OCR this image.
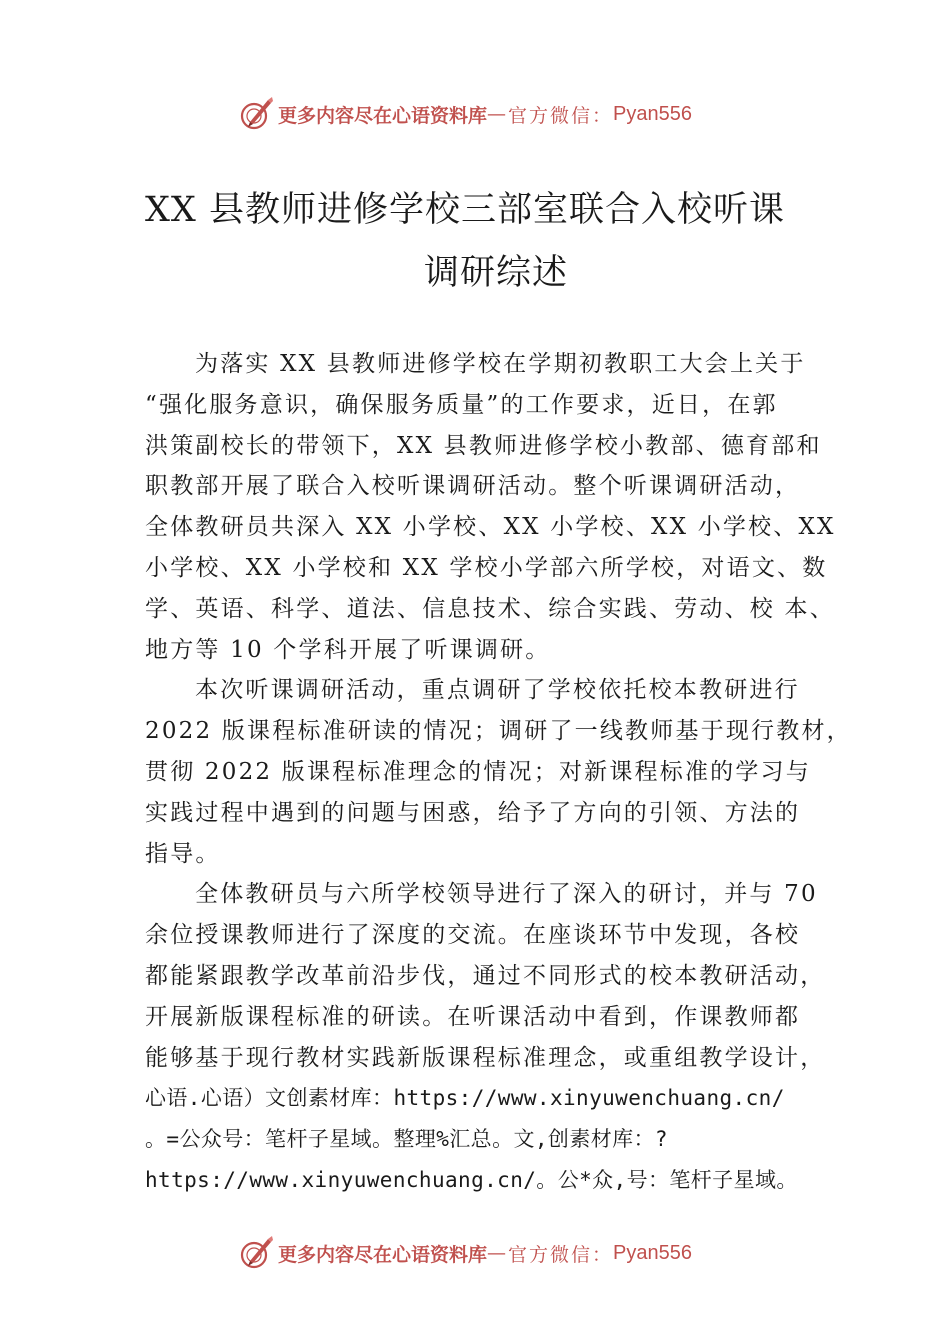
更多内容尽在心语资料库 — 官方微信： Pyan556
XX 县教师进修学校三部室联合入校听课
调研综述
为落实 XX 县教师进修学校在学期初教职工大会上关于
“强化服务意识，确保服务质量”的工作要求，近日，在郭
洪策副校长的带领下，XX 县教师进修学校小教部、德育部和
职教部开展了联合入校听课调研活动。整个听课调研活动，
全体教研员共深入 XX 小学校、XX 小学校、XX 小学校、XX
小学校、XX 小学校和 XX 学校小学部六所学校，对语文、数
学、英语、科学、道法、信息技术、综合实践、劳动、校 本、
地方等 10 个学科开展了听课调研。
本次听课调研活动，重点调研了学校依托校本教研进行
2022 版课程标准研读的情况；调研了一线教师基于现行教材，
贯彻 2022 版课程标准理念的情况；对新课程标准的学习与
实践过程中遇到的问题与困惑，给予了方向的引领、方法的
指导。
全体教研员与六所学校领导进行了深入的研讨，并与 70
余位授课教师进行了深度的交流。在座谈环节中发现，各校
都能紧跟教学改革前沿步伐，通过不同形式的校本教研活动，
开展新版课程标准的研读。在听课活动中看到，作课教师都
能够基于现行教材实践新版课程标准理念，或重组教学设计，
心语.心语）文创素材库：https://www.xinyuwenchuang.cn/
。=公众号：笔杆子星域。整理%汇总。文,创素材库：?
https://www.xinyuwenchuang.cn/。公*众,号：笔杆子星域。
更多内容尽在心语资料库 — 官方微信： Pyan556
